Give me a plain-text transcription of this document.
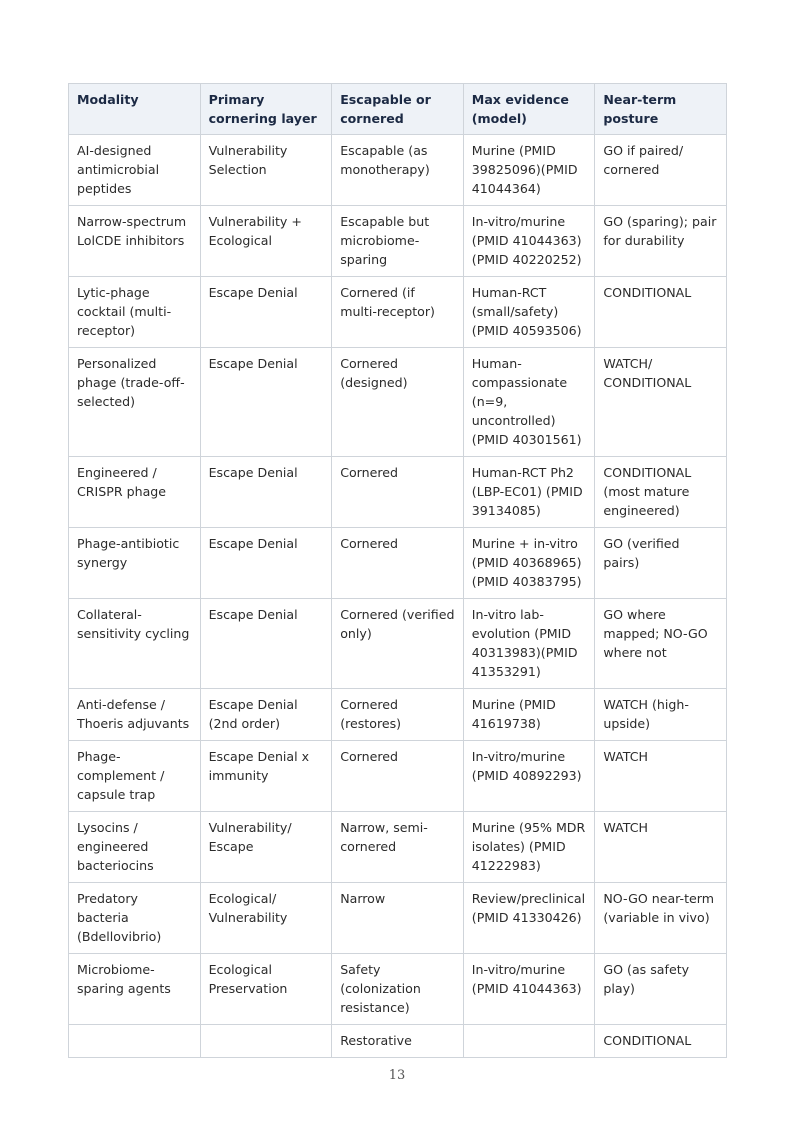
Modality	Primary cornering layer	Escapable or cornered	Max evidence (model)	Near-term posture
AI-designed antimicrobial peptides	Vulnerability Selection	Escapable (as monotherapy)	Murine (PMID 39825096)(PMID 41044364)	GO if paired/ cornered
Narrow-spectrum LolCDE inhibitors	Vulnerability + Ecological	Escapable but microbiome-sparing	In-vitro/murine (PMID 41044363) (PMID 40220252)	GO (sparing); pair for durability
Lytic-phage cocktail (multi-receptor)	Escape Denial	Cornered (if multi-receptor)	Human-RCT (small/safety) (PMID 40593506)	CONDITIONAL
Personalized phage (trade-off-selected)	Escape Denial	Cornered (designed)	Human-compassionate (n=9, uncontrolled) (PMID 40301561)	WATCH/ CONDITIONAL
Engineered / CRISPR phage	Escape Denial	Cornered	Human-RCT Ph2 (LBP-EC01) (PMID 39134085)	CONDITIONAL (most mature engineered)
Phage-antibiotic synergy	Escape Denial	Cornered	Murine + in-vitro (PMID 40368965) (PMID 40383795)	GO (verified pairs)
Collateral-sensitivity cycling	Escape Denial	Cornered (verified only)	In-vitro lab-evolution (PMID 40313983)(PMID 41353291)	GO where mapped; NO-GO where not
Anti-defense / Thoeris adjuvants	Escape Denial (2nd order)	Cornered (restores)	Murine (PMID 41619738)	WATCH (high-upside)
Phage-complement / capsule trap	Escape Denial x immunity	Cornered	In-vitro/murine (PMID 40892293)	WATCH
Lysocins / engineered bacteriocins	Vulnerability/ Escape	Narrow, semi-cornered	Murine (95% MDR isolates) (PMID 41222983)	WATCH
Predatory bacteria (Bdellovibrio)	Ecological/ Vulnerability	Narrow	Review/preclinical (PMID 41330426)	NO-GO near-term (variable in vivo)
Microbiome-sparing agents	Ecological Preservation	Safety (colonization resistance)	In-vitro/murine (PMID 41044363)	GO (as safety play)
		Restorative		CONDITIONAL
13
